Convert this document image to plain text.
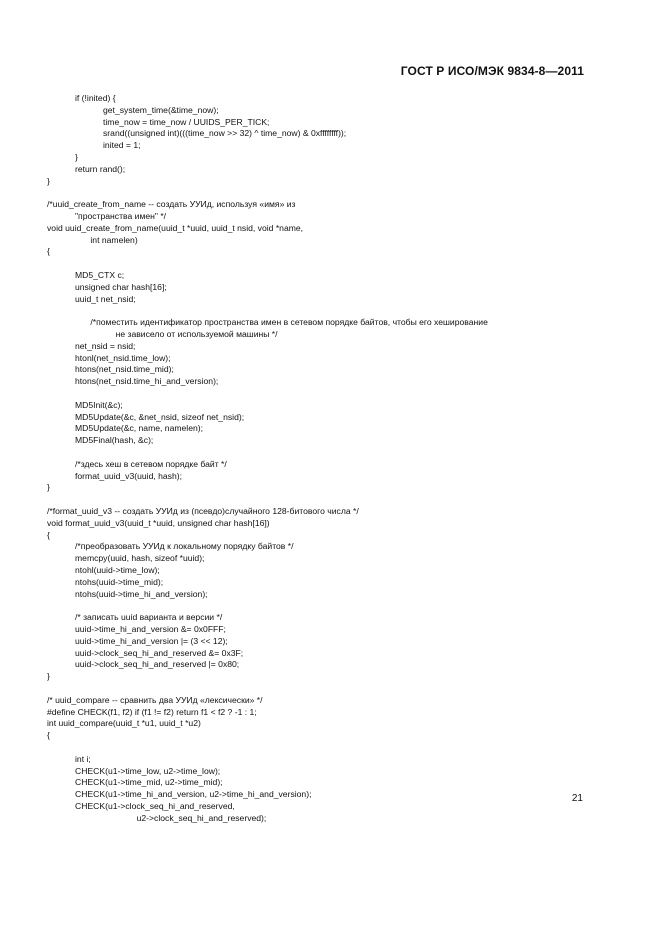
ГОСТ Р ИСО/МЭК 9834-8—2011
if (!inited) {
get_system_time(&time_now);
time_now = time_now / UUIDS_PER_TICK;
srand((unsigned int)(((time_now >> 32) ^ time_now) & 0xffffffff));
inited = 1;
}
return rand();
}
/*uuid_create_from_name -- создать УУИд, используя «имя» из
"пространства имен" */
void uuid_create_from_name(uuid_t *uuid, uuid_t nsid, void *name,
int namelen)
{
MD5_CTX c;
unsigned char hash[16];
uuid_t net_nsid;
/*поместить идентификатор пространства имен в сетевом порядке байтов, чтобы его хеширование
не зависело от используемой машины */
net_nsid = nsid;
htonl(net_nsid.time_low);
htons(net_nsid.time_mid);
htons(net_nsid.time_hi_and_version);
MD5Init(&c);
MD5Update(&c, &net_nsid, sizeof net_nsid);
MD5Update(&c, name, namelen);
MD5Final(hash, &c);
/*здесь хеш в сетевом порядке байт */
format_uuid_v3(uuid, hash);
}
/*format_uuid_v3 -- создать УУИд из (псевдо)случайного 128-битового числа */
void format_uuid_v3(uuid_t *uuid, unsigned char hash[16])
{
/*преобразовать УУИд к локальному порядку байтов */
memcpy(uuid, hash, sizeof *uuid);
ntohl(uuid->time_low);
ntohs(uuid->time_mid);
ntohs(uuid->time_hi_and_version);
/* записать uuid варианта и версии */
uuid->time_hi_and_version &= 0x0FFF;
uuid->time_hi_and_version |= (3 << 12);
uuid->clock_seq_hi_and_reserved &= 0x3F;
uuid->clock_seq_hi_and_reserved |= 0x80;
}
/* uuid_compare -- сравнить два УУИд «лексически» */
#define CHECK(f1, f2) if (f1 != f2) return f1 < f2 ? -1 : 1;
int uuid_compare(uuid_t *u1, uuid_t *u2)
{
int i;
CHECK(u1->time_low, u2->time_low);
CHECK(u1->time_mid, u2->time_mid);
CHECK(u1->time_hi_and_version, u2->time_hi_and_version);
CHECK(u1->clock_seq_hi_and_reserved,
u2->clock_seq_hi_and_reserved);
21
